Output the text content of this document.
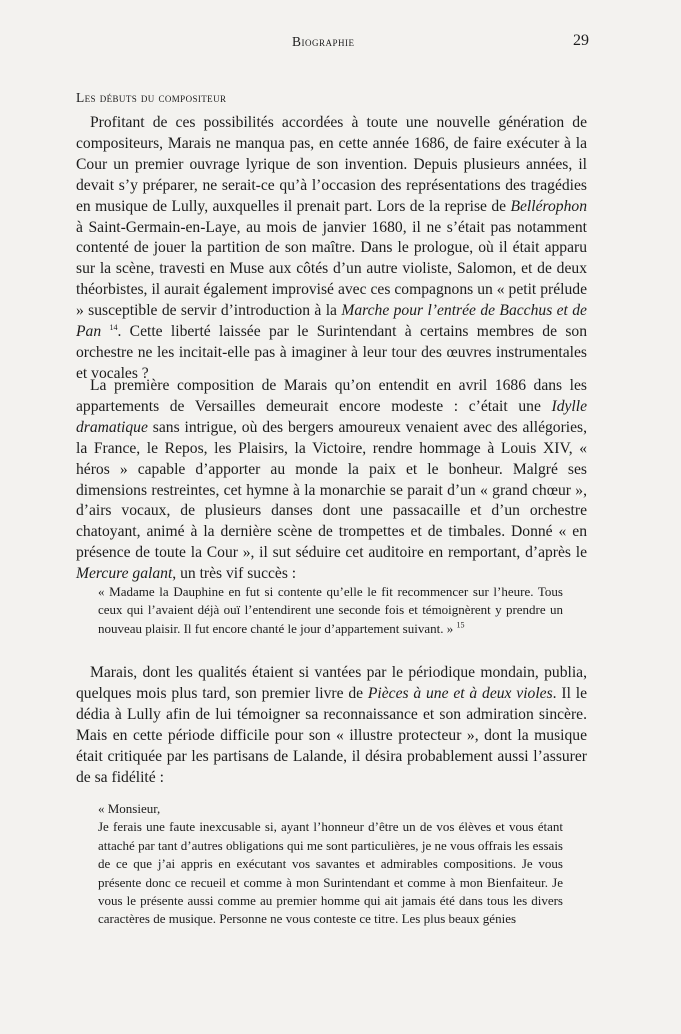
Biographie	29
Les débuts du compositeur

Profitant de ces possibilités accordées à toute une nouvelle génération de compositeurs, Marais ne manqua pas, en cette année 1686, de faire exécuter à la Cour un premier ouvrage lyrique de son invention. Depuis plusieurs années, il devait s’y préparer, ne serait-ce qu’à l’occasion des représentations des tragédies en musique de Lully, auxquelles il prenait part. Lors de la reprise de Bellérophon à Saint-Germain-en-Laye, au mois de janvier 1680, il ne s’était pas notamment contenté de jouer la partition de son maître. Dans le prologue, où il était apparu sur la scène, travesti en Muse aux côtés d’un autre violiste, Salomon, et de deux théorbistes, il aurait également improvisé avec ces compagnons un « petit prélude » susceptible de servir d’introduction à la Marche pour l’entrée de Bacchus et de Pan $^{14}$. Cette liberté laissée par le Surintendant à certains membres de son orchestre ne les incitait-elle pas à imaginer à leur tour des œuvres instrumentales et vocales ?

La première composition de Marais qu’on entendit en avril 1686 dans les appartements de Versailles demeurait encore modeste : c’était une Idylle dramatique sans intrigue, où des bergers amoureux venaient avec des allégories, la France, le Repos, les Plaisirs, la Victoire, rendre hommage à Louis XIV, « héros » capable d’apporter au monde la paix et le bonheur. Malgré ses dimensions restreintes, cet hymne à la monarchie se parait d’un « grand chœur », d’airs vocaux, de plusieurs danses dont une passacaille et d’un orchestre chatoyant, animé à la dernière scène de trompettes et de timbales. Donné « en présence de toute la Cour », il sut séduire cet auditoire en remportant, d’après le Mercure galant, un très vif succès :

« Madame la Dauphine en fut si contente qu’elle le fit recommencer sur l’heure. Tous ceux qui l’avaient déjà ouï l’entendirent une seconde fois et témoignèrent y prendre un nouveau plaisir. Il fut encore chanté le jour d’appartement suivant. » $^{15}$

Marais, dont les qualités étaient si vantées par le périodique mondain, publia, quelques mois plus tard, son premier livre de Pièces à une et à deux violes. Il le dédia à Lully afin de lui témoigner sa reconnaissance et son admiration sincère. Mais en cette période difficile pour son « illustre protecteur », dont la musique était critiquée par les partisans de Lalande, il désira probablement aussi l’assurer de sa fidélité :

« Monsieur,

Je ferais une faute inexcusable si, ayant l’honneur d’être un de vos élèves et vous étant attaché par tant d’autres obligations qui me sont particulières, je ne vous offrais les essais de ce que j’ai appris en exécutant vos savantes et admirables compositions. Je vous présente donc ce recueil et comme à mon Surintendant et comme à mon Bienfaiteur. Je vous le présente aussi comme au premier homme qui ait jamais été dans tous les divers caractères de musique. Personne ne vous conteste ce titre. Les plus beaux génies
